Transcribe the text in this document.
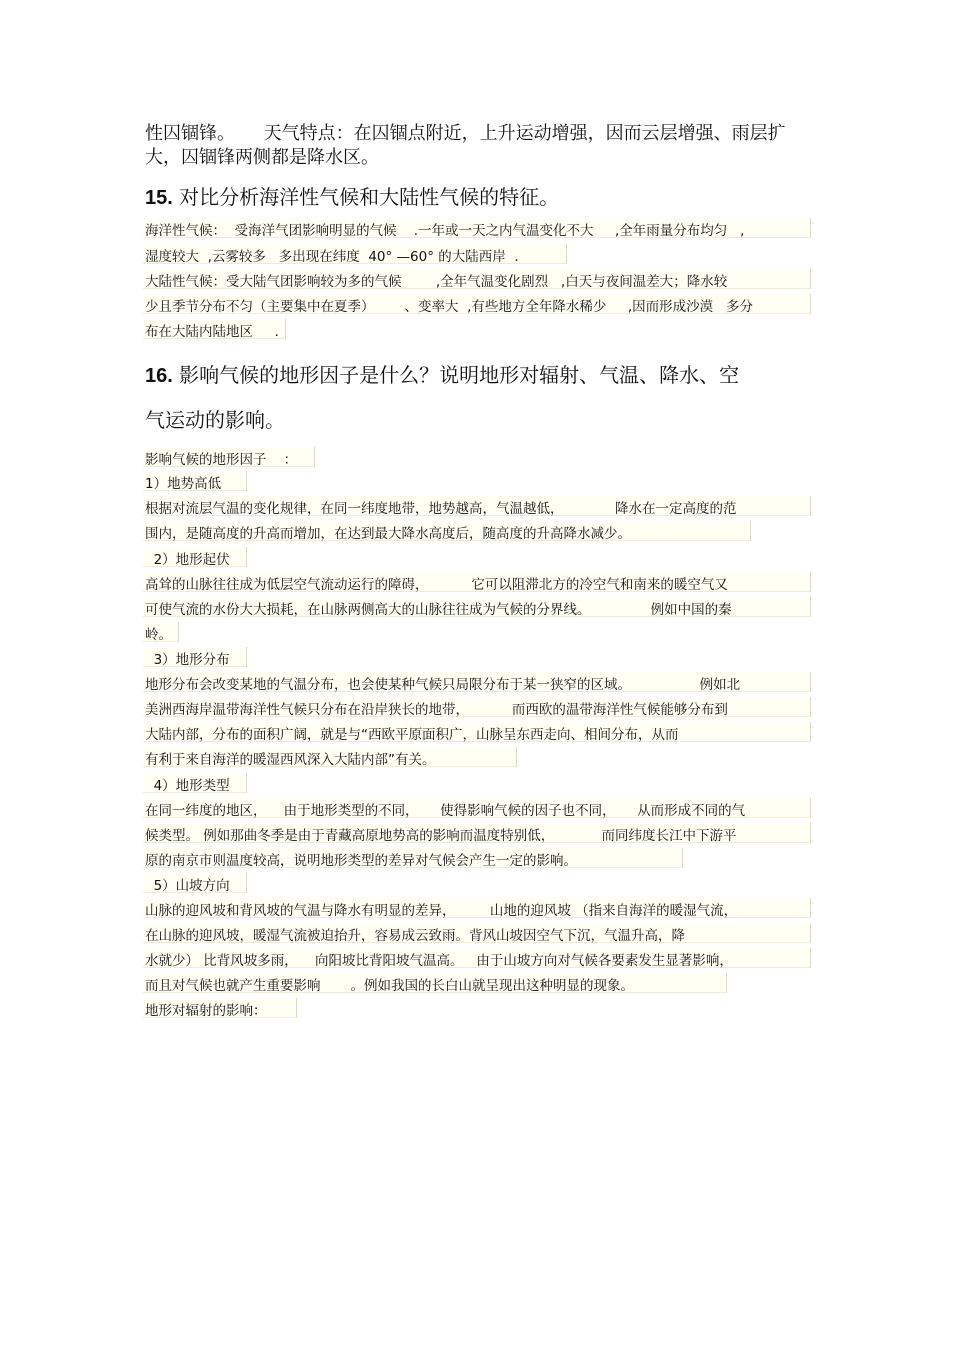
性囚锢锋。     天气特点：在囚锢点附近，上升运动增强，因而云层增强、雨层扩
大，囚锢锋两侧都是降水区。
15. 对比分析海洋性气候和大陆性气候的特征。
海洋性气候：  受海洋气团影响明显的气候    .一年或一天之内气温变化不大     ,全年雨量分布均匀   ,
湿度较大  ,云雾较多   多出现在纬度  40° —60° 的大陆西岸  .
大陆性气候：受大陆气团影响较为多的气候        ,全年气温变化剧烈   ,白天与夜间温差大；降水较
少且季节分布不匀（主要集中在夏季）       、变率大  ,有些地方全年降水稀少     ,因而形成沙漠   多分
布在大陆内陆地区     .
16. 影响气候的地形因子是什么？说明地形对辐射、气温、降水、空
气运动的影响。
影响气候的地形因子    ：
1）地势高低
根据对流层气温的变化规律，在同一纬度地带，地势越高，气温越低，            降水在一定高度的范
围内，是随高度的升高而增加，在达到最大降水高度后，随高度的升高降水减少。
2）地形起伏
高耸的山脉往往成为低层空气流动运行的障碍，          它可以阻滞北方的冷空气和南来的暖空气又
可使气流的水份大大损耗，在山脉两侧高大的山脉往往成为气候的分界线。              例如中国的秦
岭。
3）地形分布
地形分布会改变某地的气温分布，也会使某种气候只局限分布于某一狭窄的区域。                例如北
美洲西海岸温带海洋性气候只分布在沿岸狭长的地带，          而西欧的温带海洋性气候能够分布到
大陆内部，分布的面积广阔，就是与“西欧平原面积广，山脉呈东西走向、相间分布，从而
有利于来自海洋的暖湿西风深入大陆内部”有关。
4）地形类型
在同一纬度的地区，    由于地形类型的不同，     使得影响气候的因子也不同，     从而形成不同的气
候类型。 例如那曲冬季是由于青藏高原地势高的影响而温度特别低，           而同纬度长江中下游平
原的南京市则温度较高，说明地形类型的差异对气候会产生一定的影响。
5）山坡方向
山脉的迎风坡和背风坡的气温与降水有明显的差异，        山地的迎风坡 （指来自海洋的暖湿气流，
在山脉的迎风坡，暖湿气流被迫抬升，容易成云致雨。背风山坡因空气下沉，气温升高，降
水就少） 比背风坡多雨，    向阳坡比背阳坡气温高。   由于山坡方向对气候各要素发生显著影响，
而且对气候也就产生重要影响       。例如我国的长白山就呈现出这种明显的现象。
地形对辐射的影响：
